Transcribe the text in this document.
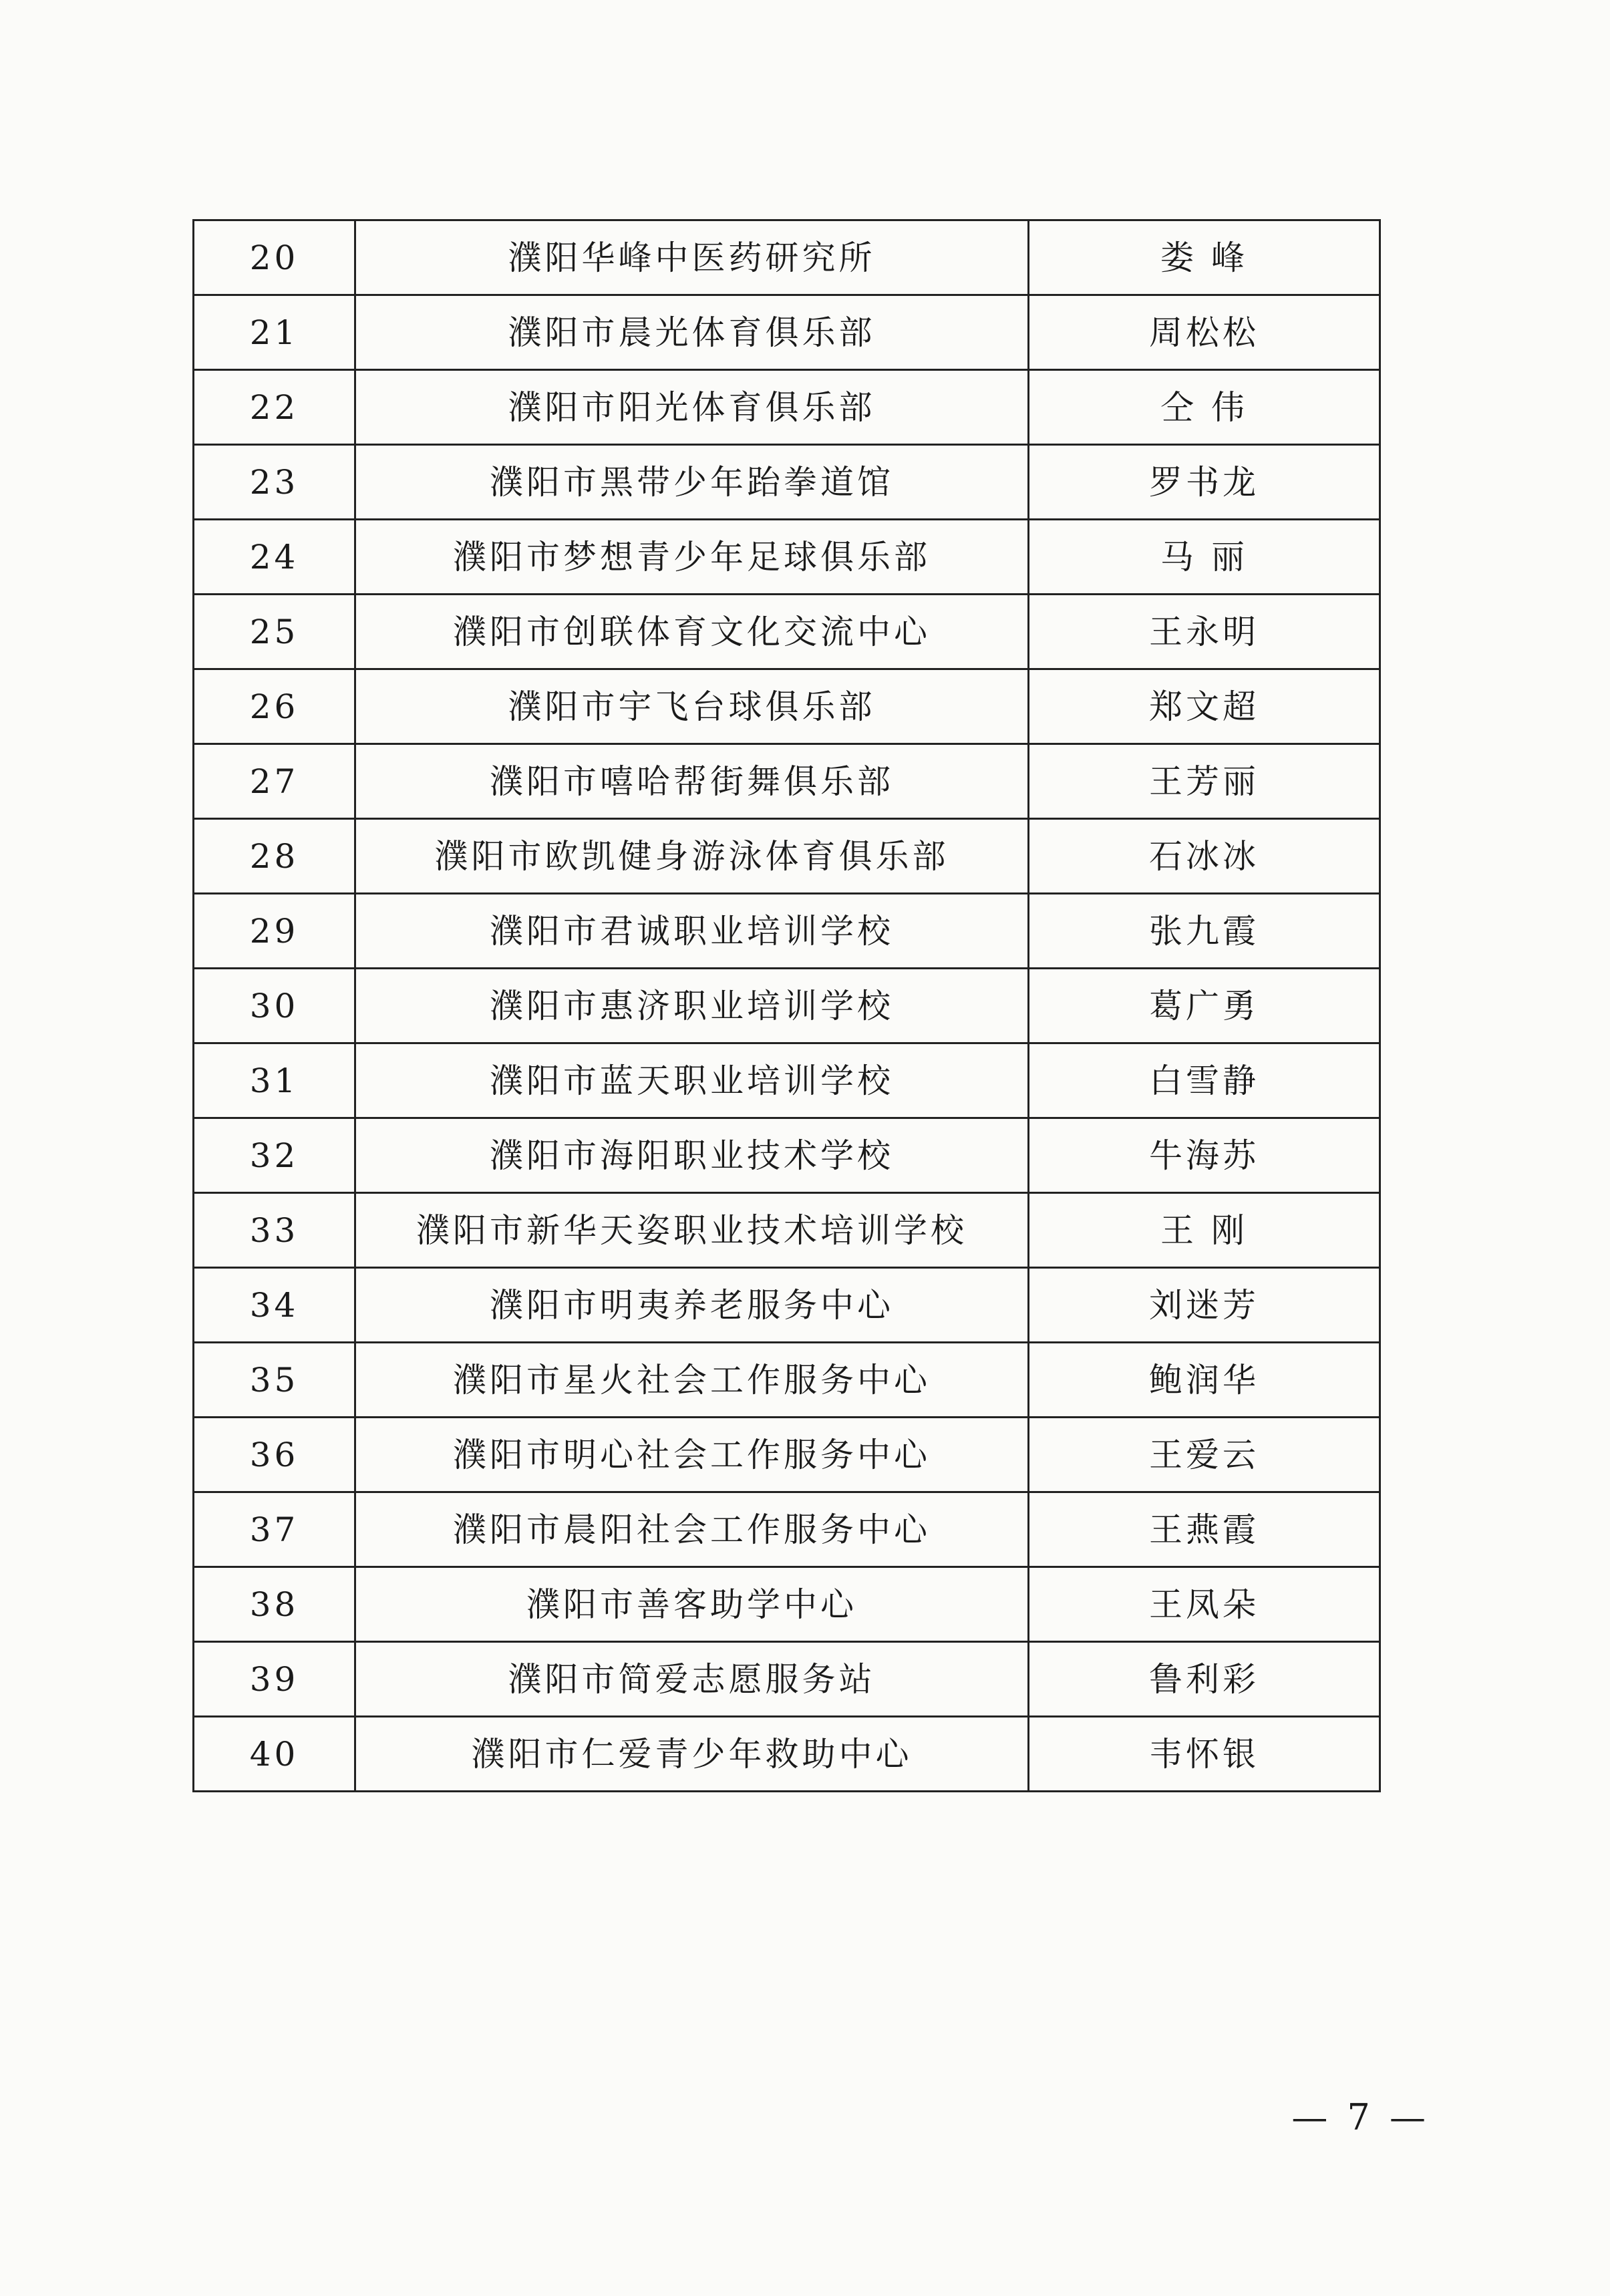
20	濮阳华峰中医药研究所	娄 峰
21	濮阳市晨光体育俱乐部	周松松
22	濮阳市阳光体育俱乐部	仝 伟
23	濮阳市黑带少年跆拳道馆	罗书龙
24	濮阳市梦想青少年足球俱乐部	马 丽
25	濮阳市创联体育文化交流中心	王永明
26	濮阳市宇飞台球俱乐部	郑文超
27	濮阳市嘻哈帮街舞俱乐部	王芳丽
28	濮阳市欧凯健身游泳体育俱乐部	石冰冰
29	濮阳市君诚职业培训学校	张九霞
30	濮阳市惠济职业培训学校	葛广勇
31	濮阳市蓝天职业培训学校	白雪静
32	濮阳市海阳职业技术学校	牛海苏
33	濮阳市新华天姿职业技术培训学校	王 刚
34	濮阳市明夷养老服务中心	刘迷芳
35	濮阳市星火社会工作服务中心	鲍润华
36	濮阳市明心社会工作服务中心	王爱云
37	濮阳市晨阳社会工作服务中心	王燕霞
38	濮阳市善客助学中心	王凤朵
39	濮阳市简爱志愿服务站	鲁利彩
40	濮阳市仁爱青少年救助中心	韦怀银
— 7 —
